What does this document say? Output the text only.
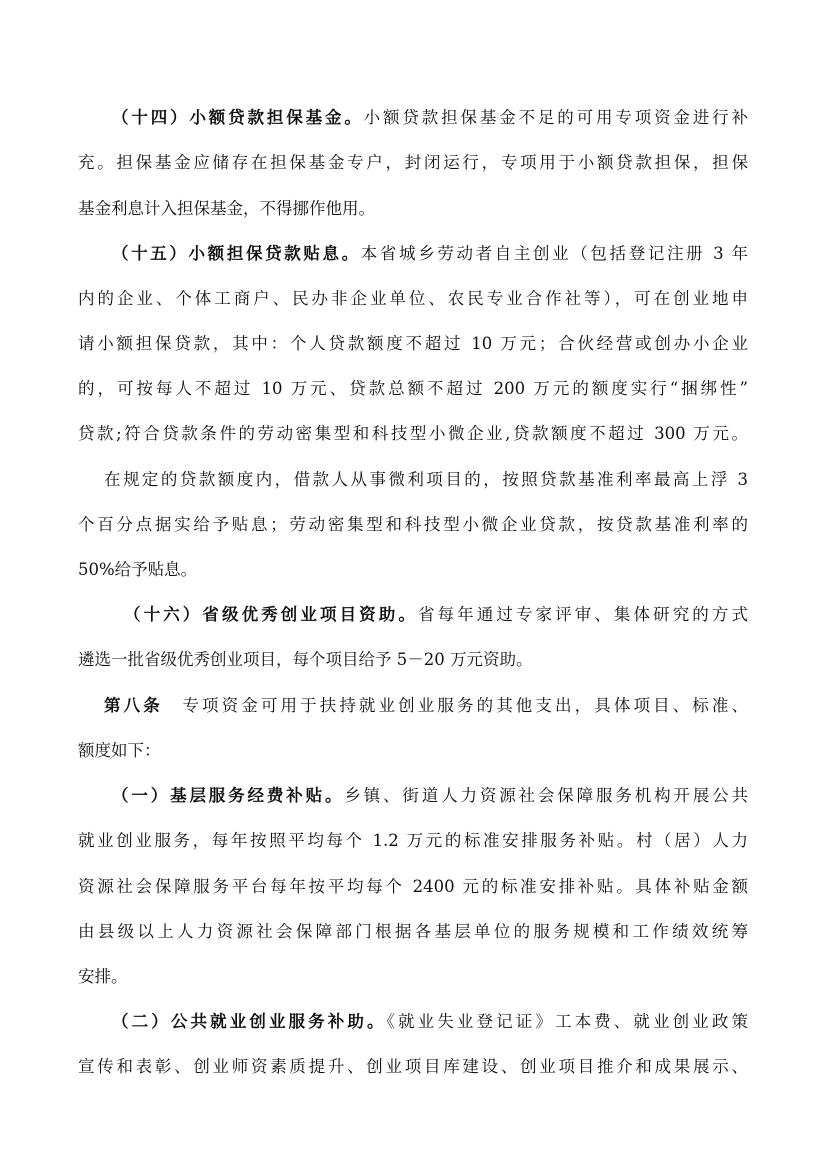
（十四）小额贷款担保基金。小额贷款担保基金不足的可用专项资金进行补
充。担保基金应储存在担保基金专户，封闭运行，专项用于小额贷款担保，担保
基金利息计入担保基金，不得挪作他用。
（十五）小额担保贷款贴息。本省城乡劳动者自主创业（包括登记注册 3 年
内的企业、个体工商户、民办非企业单位、农民专业合作社等），可在创业地申
请小额担保贷款，其中：个人贷款额度不超过 10 万元；合伙经营或创办小企业
的，可按每人不超过 10 万元、贷款总额不超过 200 万元的额度实行“捆绑性”
贷款;符合贷款条件的劳动密集型和科技型小微企业,贷款额度不超过 300 万元。
在规定的贷款额度内，借款人从事微利项目的，按照贷款基准利率最高上浮 3
个百分点据实给予贴息；劳动密集型和科技型小微企业贷款，按贷款基准利率的
50%给予贴息。
（十六）省级优秀创业项目资助。省每年通过专家评审、集体研究的方式
遴选一批省级优秀创业项目，每个项目给予 5－20 万元资助。
第八条　专项资金可用于扶持就业创业服务的其他支出，具体项目、标准、
额度如下：
（一）基层服务经费补贴。乡镇、街道人力资源社会保障服务机构开展公共
就业创业服务，每年按照平均每个 1.2 万元的标准安排服务补贴。村（居）人力
资源社会保障服务平台每年按平均每个 2400 元的标准安排补贴。具体补贴金额
由县级以上人力资源社会保障部门根据各基层单位的服务规模和工作绩效统筹
安排。
（二）公共就业创业服务补助。《就业失业登记证》工本费、就业创业政策
宣传和表彰、创业师资素质提升、创业项目库建设、创业项目推介和成果展示、
